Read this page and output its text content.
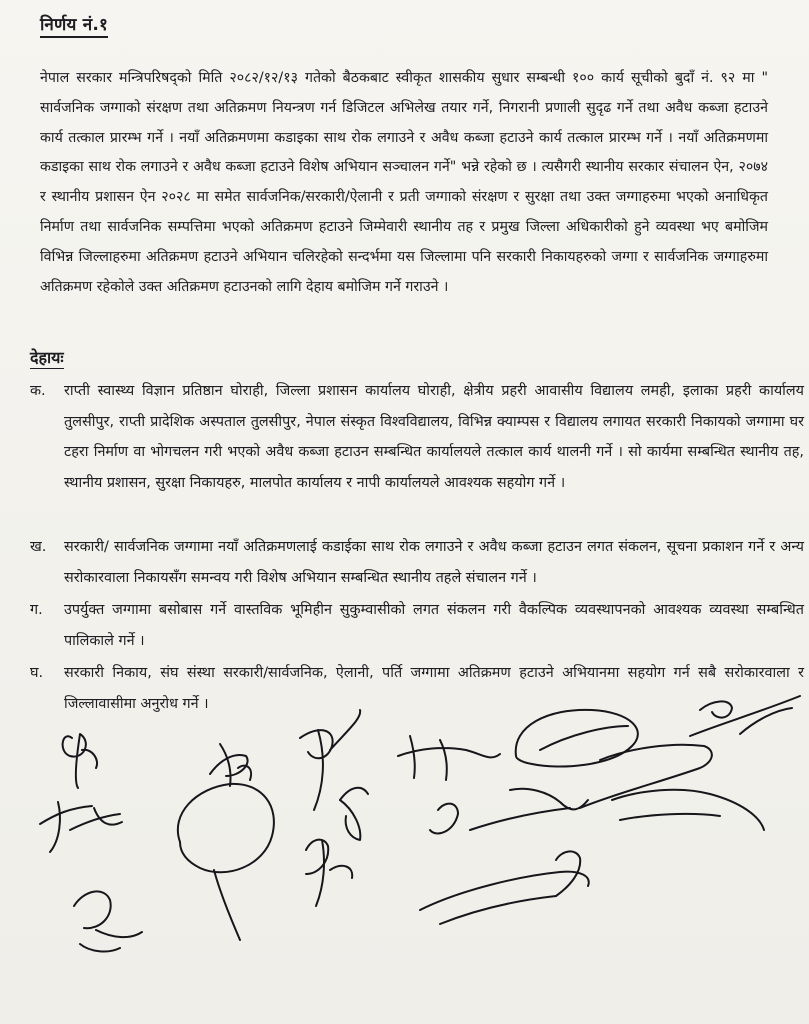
निर्णय नं.१
नेपाल सरकार मन्त्रिपरिषद्को मिति २०८२/१२/१३ गतेको बैठकबाट स्वीकृत शासकीय सुधार सम्बन्धी १०० कार्य सूचीको बुदाँ नं. ९२ मा " सार्वजनिक जग्गाको संरक्षण तथा अतिक्रमण नियन्त्रण गर्न डिजिटल अभिलेख तयार गर्ने, निगरानी प्रणाली सुदृढ गर्ने तथा अवैध कब्जा हटाउने कार्य तत्काल प्रारम्भ गर्ने । नयाँ अतिक्रमणमा कडाइका साथ रोक लगाउने र अवैध कब्जा हटाउने कार्य तत्काल प्रारम्भ गर्ने । नयाँ अतिक्रमणमा कडाइका साथ रोक लगाउने र अवैध कब्जा हटाउने विशेष अभियान सञ्चालन गर्ने" भन्ने रहेको छ । त्यसैगरी स्थानीय सरकार संचालन ऐन, २०७४ र स्थानीय प्रशासन ऐन २०२८ मा समेत सार्वजनिक/सरकारी/ऐलानी र प्रती जग्गाको संरक्षण र सुरक्षा तथा उक्त जग्गाहरुमा भएको अनाधिकृत निर्माण तथा सार्वजनिक सम्पत्तिमा भएको अतिक्रमण हटाउने जिम्मेवारी स्थानीय तह र प्रमुख जिल्ला अधिकारीको हुने व्यवस्था भए बमोजिम विभिन्न जिल्लाहरुमा अतिक्रमण हटाउने अभियान चलिरहेको सन्दर्भमा यस जिल्लामा पनि सरकारी निकायहरुको जग्गा र सार्वजनिक जग्गाहरुमा अतिक्रमण रहेकोले उक्त अतिक्रमण हटाउनको लागि देहाय बमोजिम गर्ने गराउने ।
देहायः
क.	राप्ती स्वास्थ्य विज्ञान प्रतिष्ठान घोराही, जिल्ला प्रशासन कार्यालय घोराही, क्षेत्रीय प्रहरी आवासीय विद्यालय लमही, इलाका प्रहरी कार्यालय तुलसीपुर, राप्ती प्रादेशिक अस्पताल तुलसीपुर, नेपाल संस्कृत विश्वविद्यालय, विभिन्न क्याम्पस र विद्यालय लगायत सरकारी निकायको जग्गामा घर टहरा निर्माण वा भोगचलन गरी भएको अवैध कब्जा हटाउन सम्बन्धित कार्यालयले तत्काल कार्य थालनी गर्ने । सो कार्यमा सम्बन्धित स्थानीय तह, स्थानीय प्रशासन, सुरक्षा निकायहरु, मालपोत कार्यालय र नापी कार्यालयले आवश्यक सहयोग गर्ने ।
ख.	सरकारी/ सार्वजनिक जग्गामा नयाँ अतिक्रमणलाई कडाईका साथ रोक लगाउने र अवैध कब्जा हटाउन लगत संकलन, सूचना प्रकाशन गर्ने र अन्य सरोकारवाला निकायसँग समन्वय गरी विशेष अभियान सम्बन्धित स्थानीय तहले संचालन गर्ने ।
ग.	उपर्युक्त जग्गामा बसोबास गर्ने वास्तविक भूमिहीन सुकुम्वासीको लगत संकलन गरी वैकल्पिक व्यवस्थापनको आवश्यक व्यवस्था सम्बन्धित पालिकाले गर्ने ।
घ.	सरकारी निकाय, संघ संस्था सरकारी/सार्वजनिक, ऐलानी, पर्ति जग्गामा अतिक्रमण हटाउने अभियानमा सहयोग गर्न सबै सरोकारवाला र जिल्लावासीमा अनुरोध गर्ने ।
